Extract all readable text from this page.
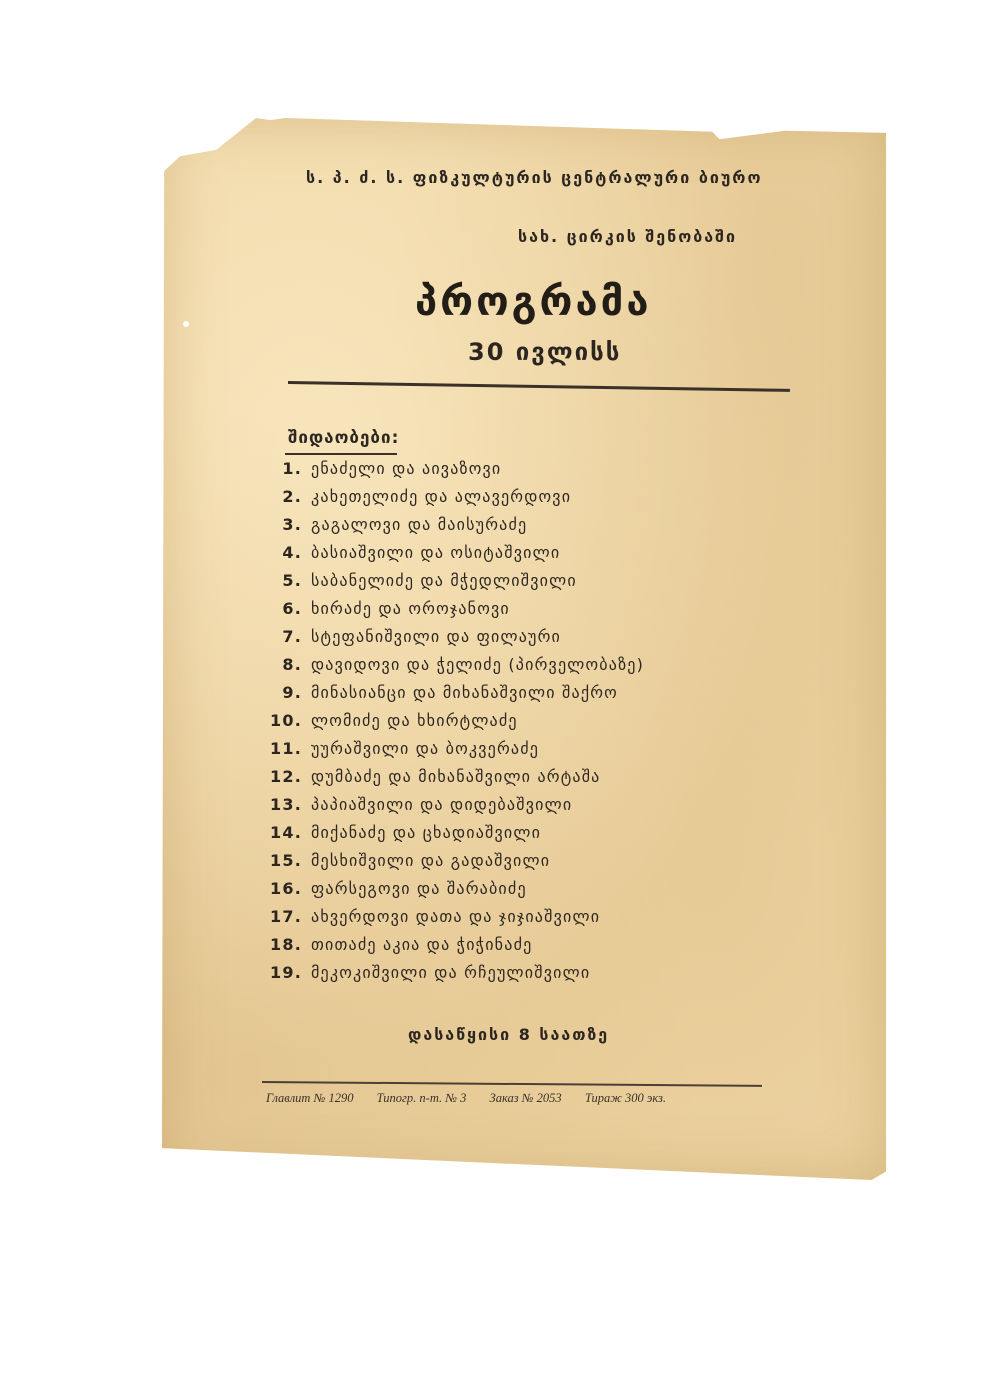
ს. პ. ძ. ს. ფიზკულტურის ცენტრალური ბიურო
სახ. ცირკის შენობაში
პროგრამა
30 ივლისს
შიდაობები:
1. ენაძელი და აივაზოვი
2. კახეთელიძე და ალავერდოვი
3. გაგალოვი და მაისურაძე
4. ბასიაშვილი და ოსიტაშვილი
5. საბანელიძე და მჭედლიშვილი
6. ხირაძე და ოროჯანოვი
7. სტეფანიშვილი და ფილაური
8. დავიდოვი და ჭელიძე (პირველობაზე)
9. მინასიანცი და მიხანაშვილი შაქრო
10. ლომიძე და ხხირტლაძე
11. უურაშვილი და ბოკვერაძე
12. დუმბაძე და მიხანაშვილი არტაშა
13. პაპიაშვილი და დიდებაშვილი
14. მიქანაძე და ცხადიაშვილი
15. მესხიშვილი და გადაშვილი
16. ფარსეგოვი და შარაბიძე
17. ახვერდოვი დათა და ჯიჯიაშვილი
18. თითაძე აკია და ჭიჭინაძე
19. მეკოკიშვილი და რჩეულიშვილი
დასაწყისი 8 საათზე
Главлит № 1290 Типогр. п-т. № 3 Заказ № 2053 Тираж 300 экз.
